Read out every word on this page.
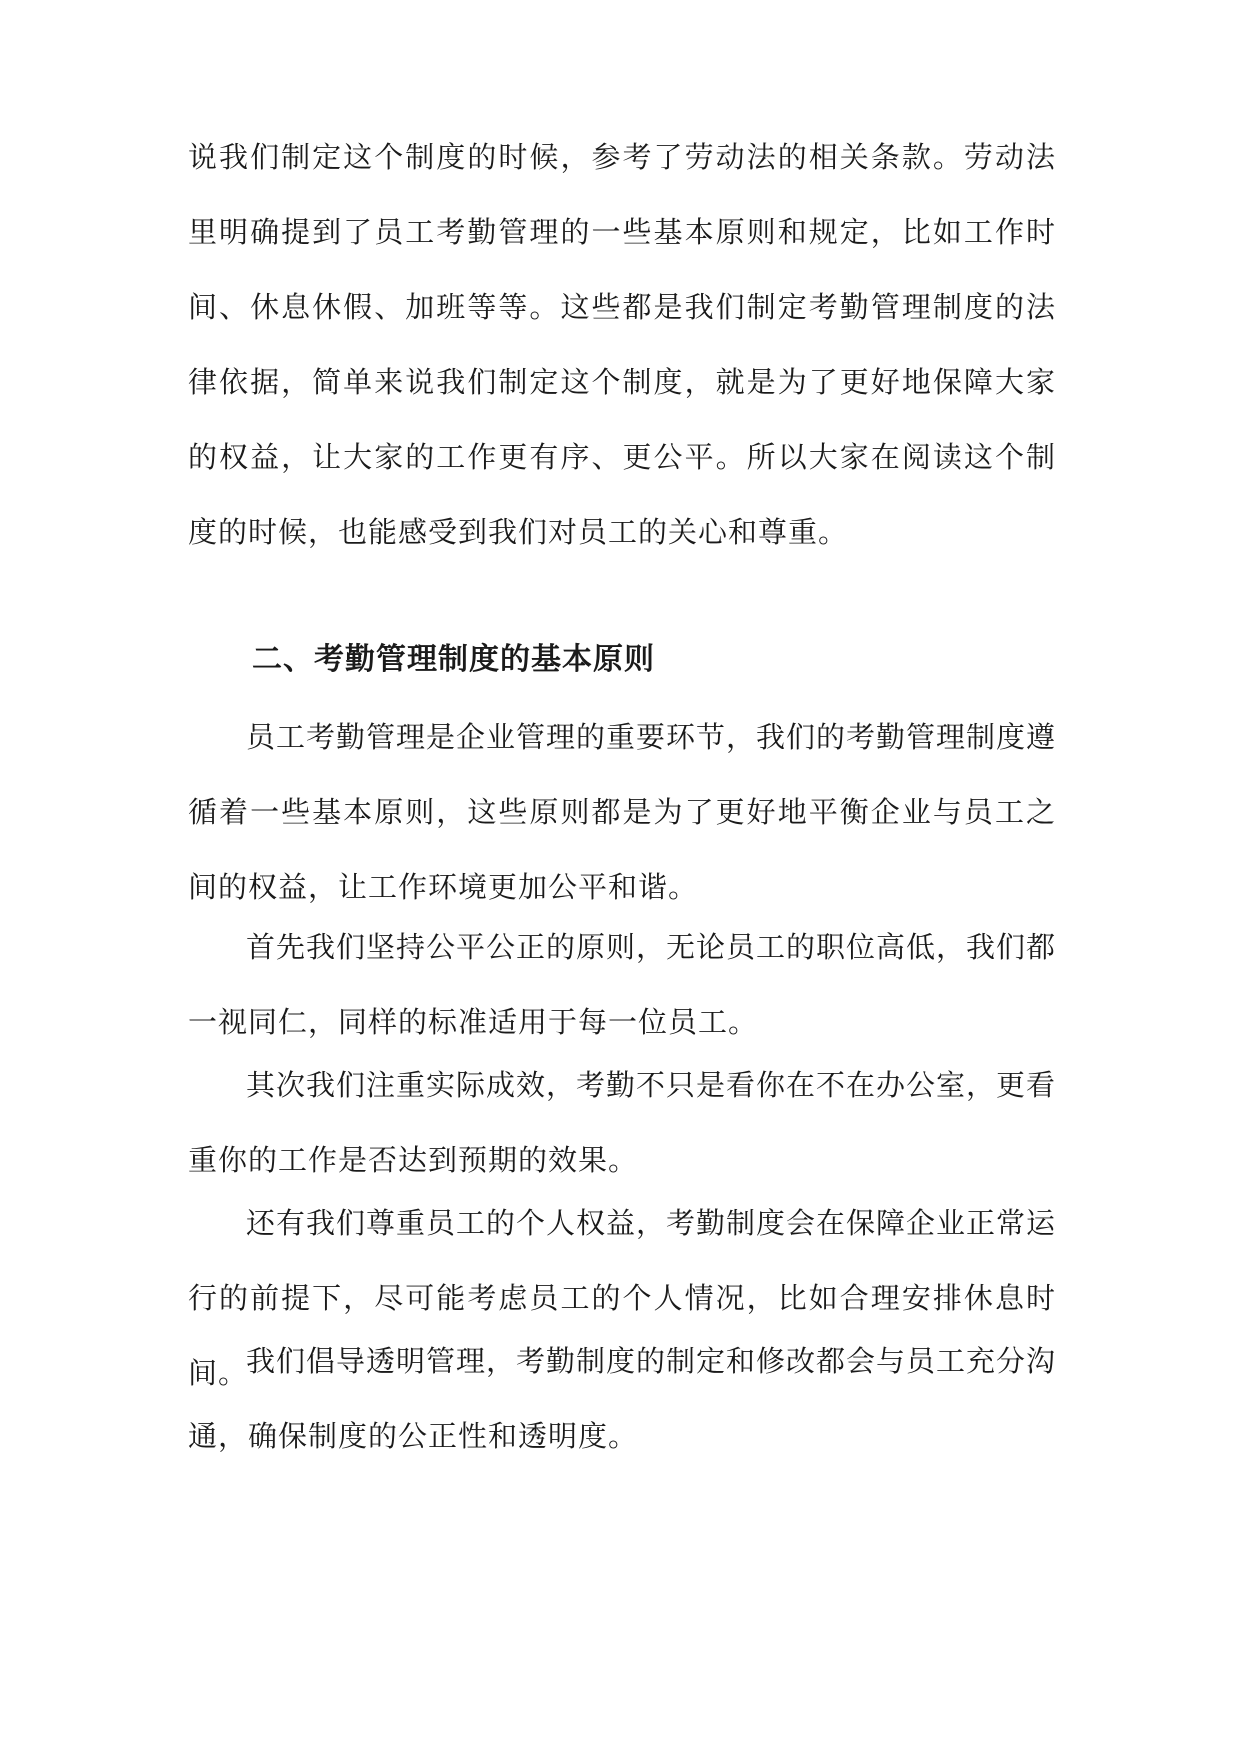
说我们制定这个制度的时候，参考了劳动法的相关条款。劳动法里明确提到了员工考勤管理的一些基本原则和规定，比如工作时间、休息休假、加班等等。这些都是我们制定考勤管理制度的法律依据，简单来说我们制定这个制度，就是为了更好地保障大家的权益，让大家的工作更有序、更公平。所以大家在阅读这个制度的时候，也能感受到我们对员工的关心和尊重。

二、考勤管理制度的基本原则

员工考勤管理是企业管理的重要环节，我们的考勤管理制度遵循着一些基本原则，这些原则都是为了更好地平衡企业与员工之间的权益，让工作环境更加公平和谐。

首先我们坚持公平公正的原则，无论员工的职位高低，我们都一视同仁，同样的标准适用于每一位员工。

其次我们注重实际成效，考勤不只是看你在不在办公室，更看重你的工作是否达到预期的效果。

还有我们尊重员工的个人权益，考勤制度会在保障企业正常运行的前提下，尽可能考虑员工的个人情况，比如合理安排休息时间。

我们倡导透明管理，考勤制度的制定和修改都会与员工充分沟通，确保制度的公正性和透明度。
